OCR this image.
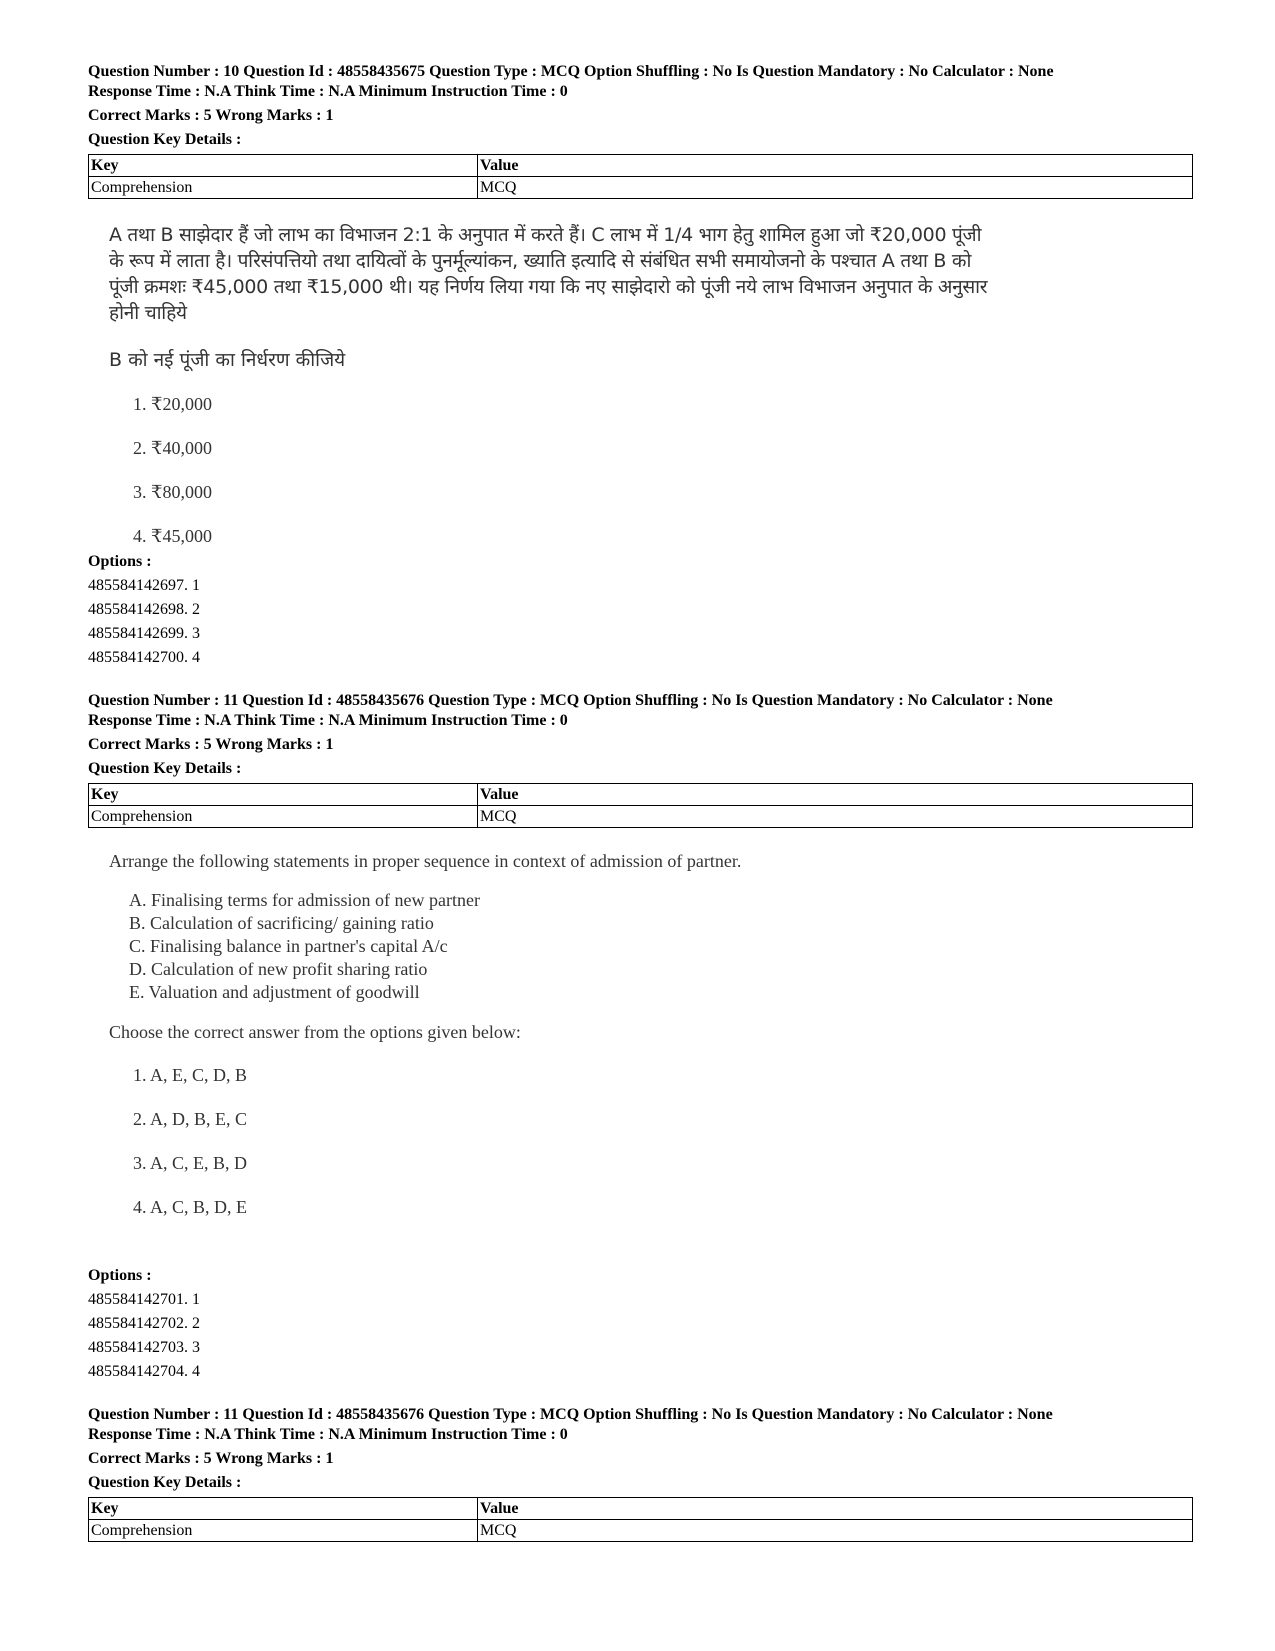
Question Number : 10 Question Id : 48558435675 Question Type : MCQ Option Shuffling : No Is Question Mandatory : No Calculator : None
Response Time : N.A Think Time : N.A Minimum Instruction Time : 0
Correct Marks : 5 Wrong Marks : 1
Question Key Details :
Key	Value
Comprehension	MCQ
A तथा B साझेदार हैं जो लाभ का विभाजन 2:1 के अनुपात में करते हैं। C लाभ में 1/4 भाग हेतु शामिल हुआ जो ₹20,000 पूंजी के रूप में लाता है। परिसंपत्तियो तथा दायित्वों के पुनर्मूल्यांकन, ख्याति इत्यादि से संबंधित सभी समायोजनो के पश्चात A तथा B को पूंजी क्रमशः ₹45,000 तथा ₹15,000 थी। यह निर्णय लिया गया कि नए साझेदारो को पूंजी नये लाभ विभाजन अनुपात के अनुसार होनी चाहिये
B को नई पूंजी का निर्धरण कीजिये
1. ₹20,000
2. ₹40,000
3. ₹80,000
4. ₹45,000
Options :
485584142697. 1
485584142698. 2
485584142699. 3
485584142700. 4
Question Number : 11 Question Id : 48558435676 Question Type : MCQ Option Shuffling : No Is Question Mandatory : No Calculator : None
Response Time : N.A Think Time : N.A Minimum Instruction Time : 0
Correct Marks : 5 Wrong Marks : 1
Question Key Details :
Key	Value
Comprehension	MCQ
Arrange the following statements in proper sequence in context of admission of partner.
A. Finalising terms for admission of new partner
B. Calculation of sacrificing/ gaining ratio
C. Finalising balance in partner's capital A/c
D. Calculation of new profit sharing ratio
E. Valuation and adjustment of goodwill
Choose the correct answer from the options given below:
1. A, E, C, D, B
2. A, D, B, E, C
3. A, C, E, B, D
4. A, C, B, D, E
Options :
485584142701. 1
485584142702. 2
485584142703. 3
485584142704. 4
Question Number : 11 Question Id : 48558435676 Question Type : MCQ Option Shuffling : No Is Question Mandatory : No Calculator : None
Response Time : N.A Think Time : N.A Minimum Instruction Time : 0
Correct Marks : 5 Wrong Marks : 1
Question Key Details :
Key	Value
Comprehension	MCQ
